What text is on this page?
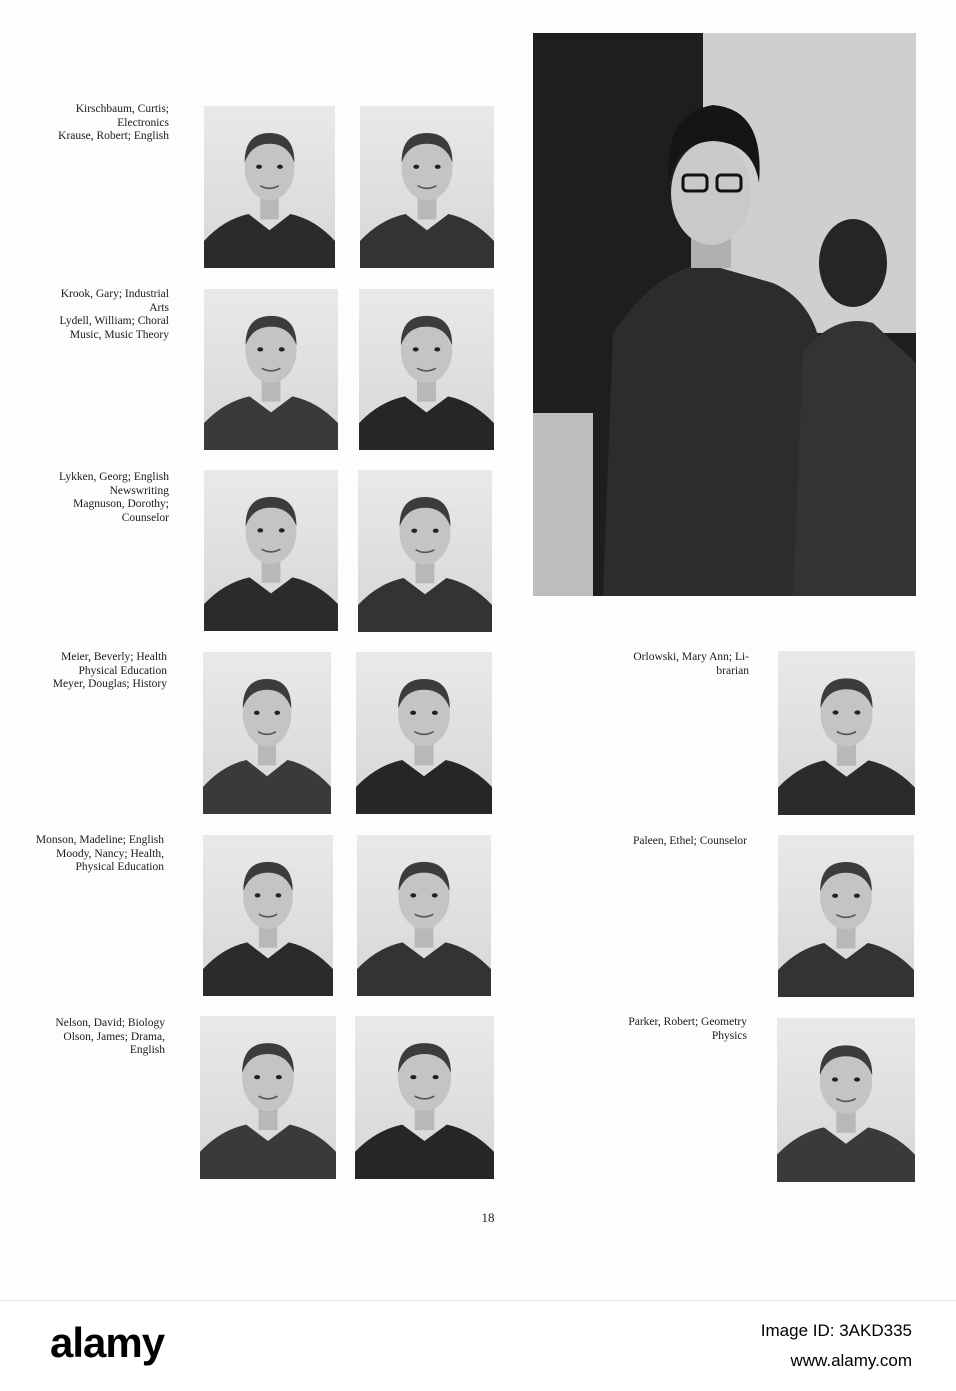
Kirschbaum, Curtis;
Electronics
Krause, Robert; English
Krook, Gary; Industrial
Arts
Lydell, William; Choral
Music, Music Theory
Lykken, Georg; English
Newswriting
Magnuson, Dorothy;
Counselor
Meier, Beverly; Health
Physical Education
Meyer, Douglas; History
Monson, Madeline; English
Moody, Nancy; Health,
Physical Education
Nelson, David; Biology
Olson, James; Drama,
English
Orlowski, Mary Ann; Li-
brarian
Paleen, Ethel; Counselor
Parker, Robert; Geometry
Physics
18
alamy	Image ID: 3AKD335
www.alamy.com
